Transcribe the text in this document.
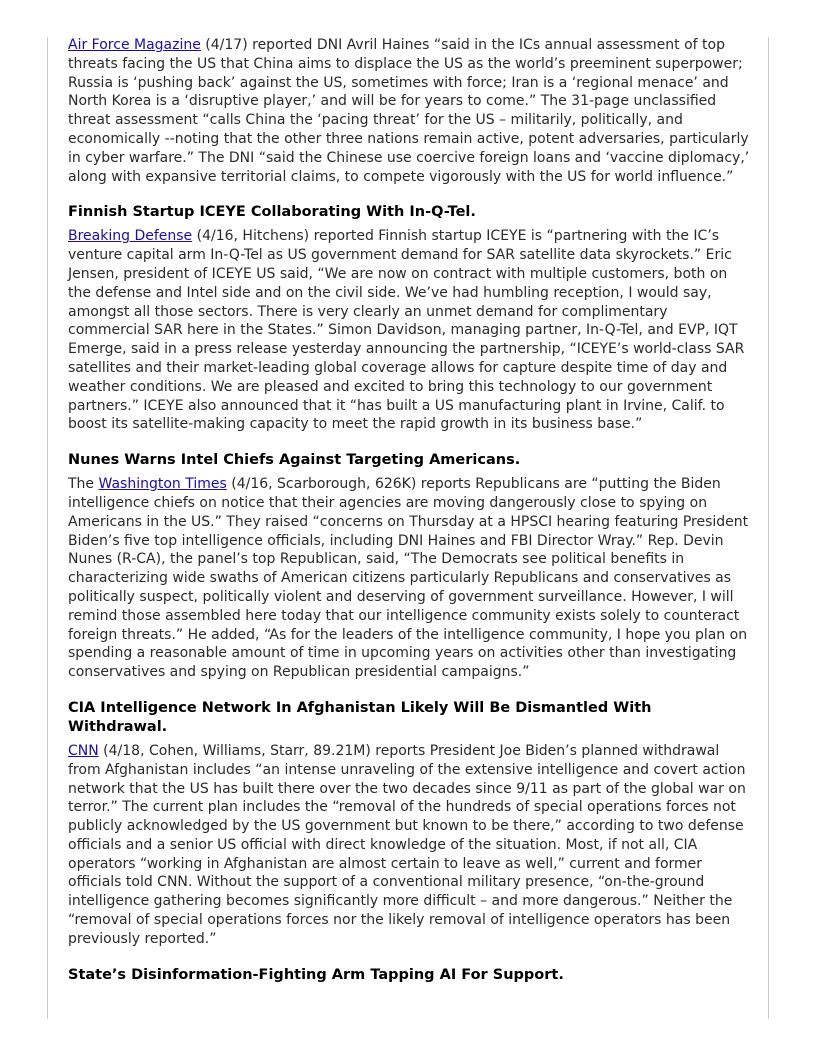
Air Force Magazine (4/17) reported DNI Avril Haines “said in the ICs annual assessment of top threats facing the US that China aims to displace the US as the world’s preeminent superpower; Russia is ‘pushing back’ against the US, sometimes with force; Iran is a ‘regional menace’ and North Korea is a ‘disruptive player,’ and will be for years to come.” The 31-page unclassified threat assessment “calls China the ‘pacing threat’ for the US – militarily, politically, and economically --noting that the other three nations remain active, potent adversaries, particularly in cyber warfare.” The DNI “said the Chinese use coercive foreign loans and ‘vaccine diplomacy,’ along with expansive territorial claims, to compete vigorously with the US for world influence.”

Finnish Startup ICEYE Collaborating With In-Q-Tel.

Breaking Defense (4/16, Hitchens) reported Finnish startup ICEYE is “partnering with the IC’s venture capital arm In-Q-Tel as US government demand for SAR satellite data skyrockets.” Eric Jensen, president of ICEYE US said, “We are now on contract with multiple customers, both on the defense and Intel side and on the civil side. We’ve had humbling reception, I would say, amongst all those sectors. There is very clearly an unmet demand for complimentary commercial SAR here in the States.” Simon Davidson, managing partner, In-Q-Tel, and EVP, IQT Emerge, said in a press release yesterday announcing the partnership, “ICEYE’s world-class SAR satellites and their market-leading global coverage allows for capture despite time of day and weather conditions. We are pleased and excited to bring this technology to our government partners.” ICEYE also announced that it “has built a US manufacturing plant in Irvine, Calif. to boost its satellite-making capacity to meet the rapid growth in its business base.”

Nunes Warns Intel Chiefs Against Targeting Americans.

The Washington Times (4/16, Scarborough, 626K) reports Republicans are “putting the Biden intelligence chiefs on notice that their agencies are moving dangerously close to spying on Americans in the US.” They raised “concerns on Thursday at a HPSCI hearing featuring President Biden’s five top intelligence officials, including DNI Haines and FBI Director Wray.” Rep. Devin Nunes (R-CA), the panel’s top Republican, said, “The Democrats see political benefits in characterizing wide swaths of American citizens particularly Republicans and conservatives as politically suspect, politically violent and deserving of government surveillance. However, I will remind those assembled here today that our intelligence community exists solely to counteract foreign threats.” He added, “As for the leaders of the intelligence community, I hope you plan on spending a reasonable amount of time in upcoming years on activities other than investigating conservatives and spying on Republican presidential campaigns.”

CIA Intelligence Network In Afghanistan Likely Will Be Dismantled With Withdrawal.

CNN (4/18, Cohen, Williams, Starr, 89.21M) reports President Joe Biden’s planned withdrawal from Afghanistan includes “an intense unraveling of the extensive intelligence and covert action network that the US has built there over the two decades since 9/11 as part of the global war on terror.” The current plan includes the “removal of the hundreds of special operations forces not publicly acknowledged by the US government but known to be there,” according to two defense officials and a senior US official with direct knowledge of the situation. Most, if not all, CIA operators “working in Afghanistan are almost certain to leave as well,” current and former officials told CNN. Without the support of a conventional military presence, “on-the-ground intelligence gathering becomes significantly more difficult – and more dangerous.” Neither the “removal of special operations forces nor the likely removal of intelligence operators has been previously reported.”

State’s Disinformation-Fighting Arm Tapping AI For Support.
